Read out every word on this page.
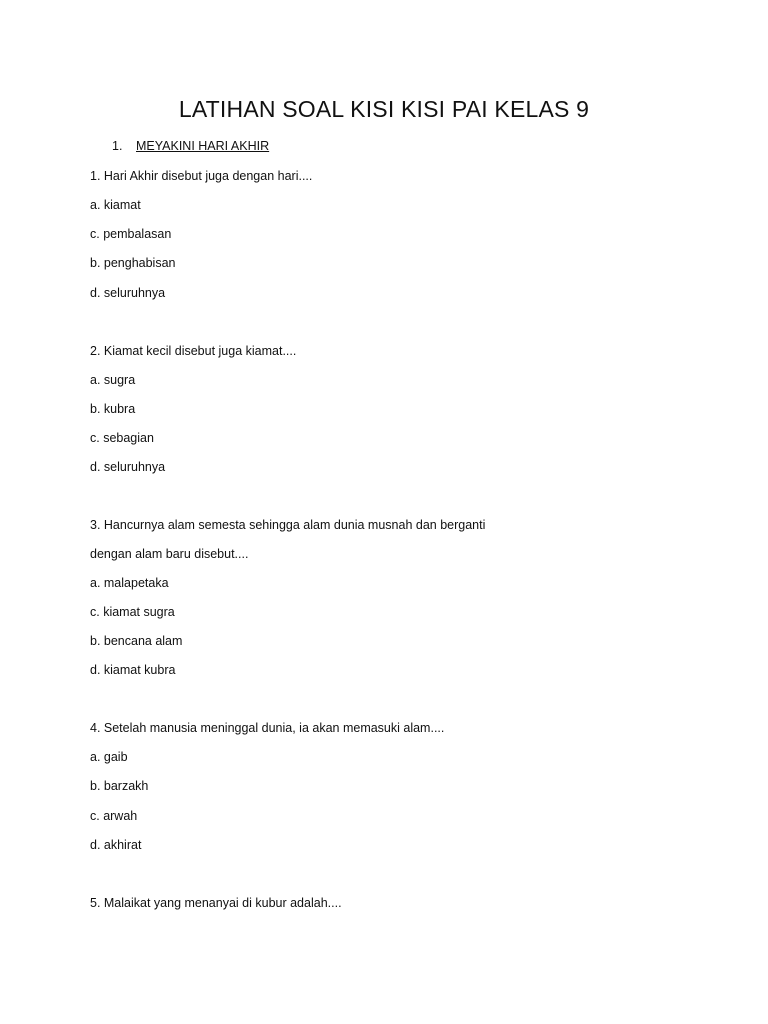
LATIHAN SOAL KISI KISI PAI KELAS 9

1. MEYAKINI HARI AKHIR

1. Hari Akhir disebut juga dengan hari....

a. kiamat

c. pembalasan

b. penghabisan

d. seluruhnya

2. Kiamat kecil disebut juga kiamat....

a. sugra

b. kubra

c. sebagian

d. seluruhnya

3. Hancurnya alam semesta sehingga alam dunia musnah dan berganti

dengan alam baru disebut....

a. malapetaka

c. kiamat sugra

b. bencana alam

d. kiamat kubra

4. Setelah manusia meninggal dunia, ia akan memasuki alam....

a. gaib

b. barzakh

c. arwah

d. akhirat

5. Malaikat yang menanyai di kubur adalah....
